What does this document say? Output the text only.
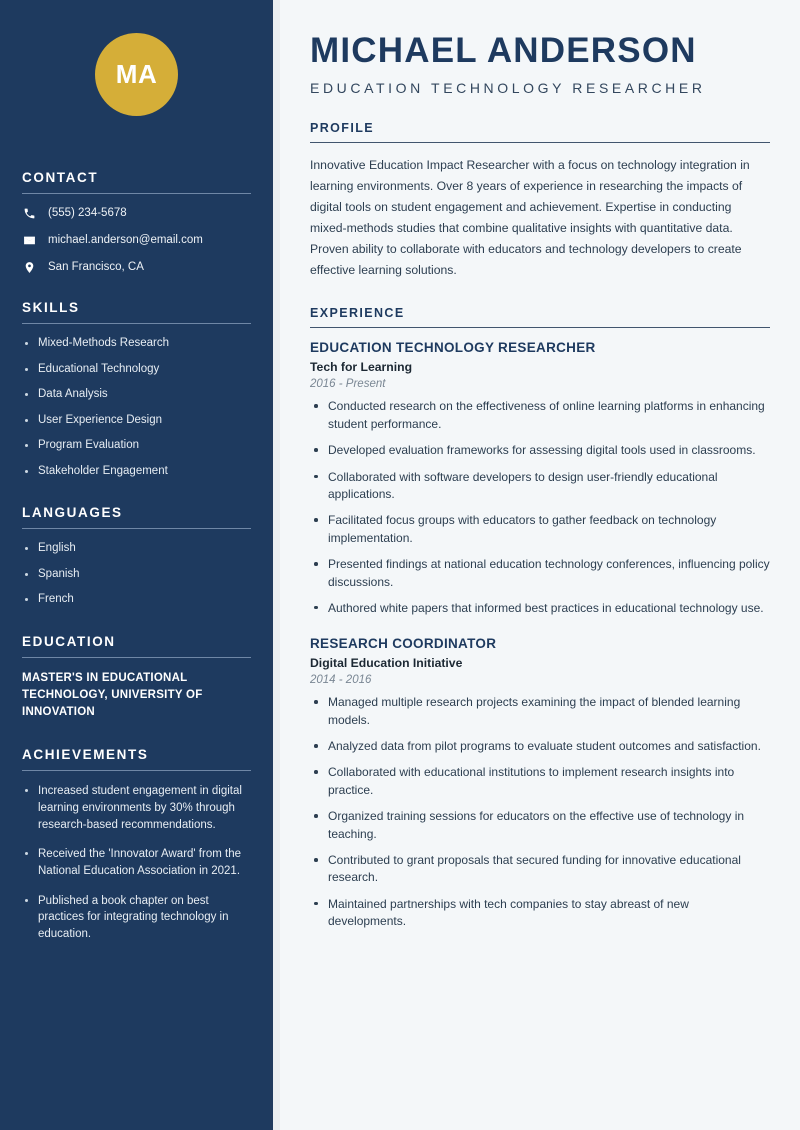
MA
CONTACT
(555) 234-5678
michael.anderson@email.com
San Francisco, CA
SKILLS
Mixed-Methods Research
Educational Technology
Data Analysis
User Experience Design
Program Evaluation
Stakeholder Engagement
LANGUAGES
English
Spanish
French
EDUCATION
MASTER'S IN EDUCATIONAL TECHNOLOGY, UNIVERSITY OF INNOVATION
ACHIEVEMENTS
Increased student engagement in digital learning environments by 30% through research-based recommendations.
Received the 'Innovator Award' from the National Education Association in 2021.
Published a book chapter on best practices for integrating technology in education.
MICHAEL ANDERSON
EDUCATION TECHNOLOGY RESEARCHER
PROFILE

Innovative Education Impact Researcher with a focus on technology integration in learning environments. Over 8 years of experience in researching the impacts of digital tools on student engagement and achievement. Expertise in conducting mixed-methods studies that combine qualitative insights with quantitative data. Proven ability to collaborate with educators and technology developers to create effective learning solutions.

EXPERIENCE
EDUCATION TECHNOLOGY RESEARCHER
Tech for Learning
2016 - Present
Conducted research on the effectiveness of online learning platforms in enhancing student performance.
Developed evaluation frameworks for assessing digital tools used in classrooms.
Collaborated with software developers to design user-friendly educational applications.
Facilitated focus groups with educators to gather feedback on technology implementation.
Presented findings at national education technology conferences, influencing policy discussions.
Authored white papers that informed best practices in educational technology use.
RESEARCH COORDINATOR
Digital Education Initiative
2014 - 2016
Managed multiple research projects examining the impact of blended learning models.
Analyzed data from pilot programs to evaluate student outcomes and satisfaction.
Collaborated with educational institutions to implement research insights into practice.
Organized training sessions for educators on the effective use of technology in teaching.
Contributed to grant proposals that secured funding for innovative educational research.
Maintained partnerships with tech companies to stay abreast of new developments.
